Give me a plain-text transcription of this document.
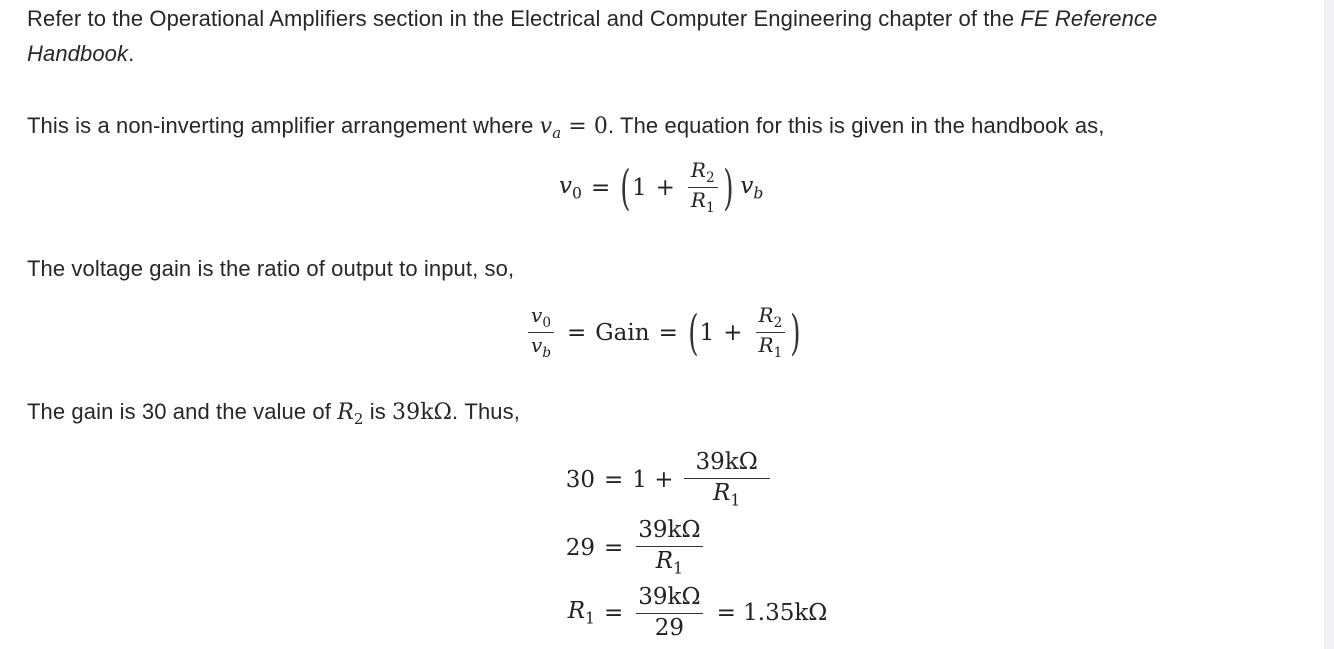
Refer to the Operational Amplifiers section in the Electrical and Computer Engineering chapter of the FE Reference

Handbook.

This is a non-inverting amplifier arrangement where $v_a = 0$. The equation for this is given in the handbook as,

$v_0$ = ( $1 + \frac{R_2}{R_1}$ ) $v_b$

The voltage gain is the ratio of output to input, so,

$\frac{v_0}{v_b}$ = Gain = ( $1 + \frac{R_2}{R_1}$ )

The gain is 30 and the value of $R_2$ is 39kΩ. Thus,

$30 = 1 + \frac{39k\Omega}{R_1}$
$29 = \frac{39k\Omega}{R_1}$
$R_1 = \frac{39k\Omega}{29} = 1.35k\Omega$
